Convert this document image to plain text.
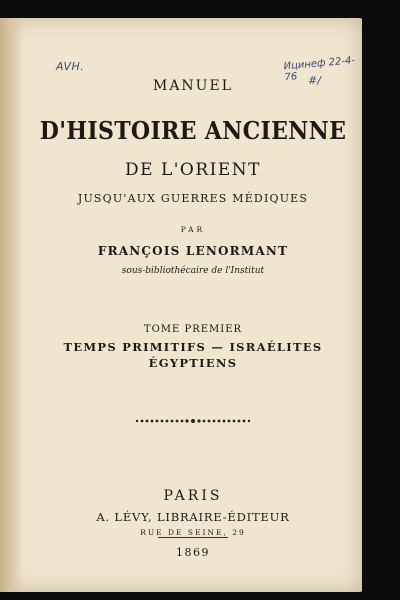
AVH.	Ицинеф 22-4-76 #/
MANUEL
D'HISTOIRE ANCIENNE
DE L'ORIENT
JUSQU'AUX GUERRES MÉDIQUES
PAR
FRANÇOIS LENORMANT
sous-bibliothécaire de l'Institut
TOME PREMIER
TEMPS PRIMITIFS — ISRAÉLITES
ÉGYPTIENS
PARIS
A. LÉVY, LIBRAIRE-ÉDITEUR
RUE DE SEINE, 29
1869
